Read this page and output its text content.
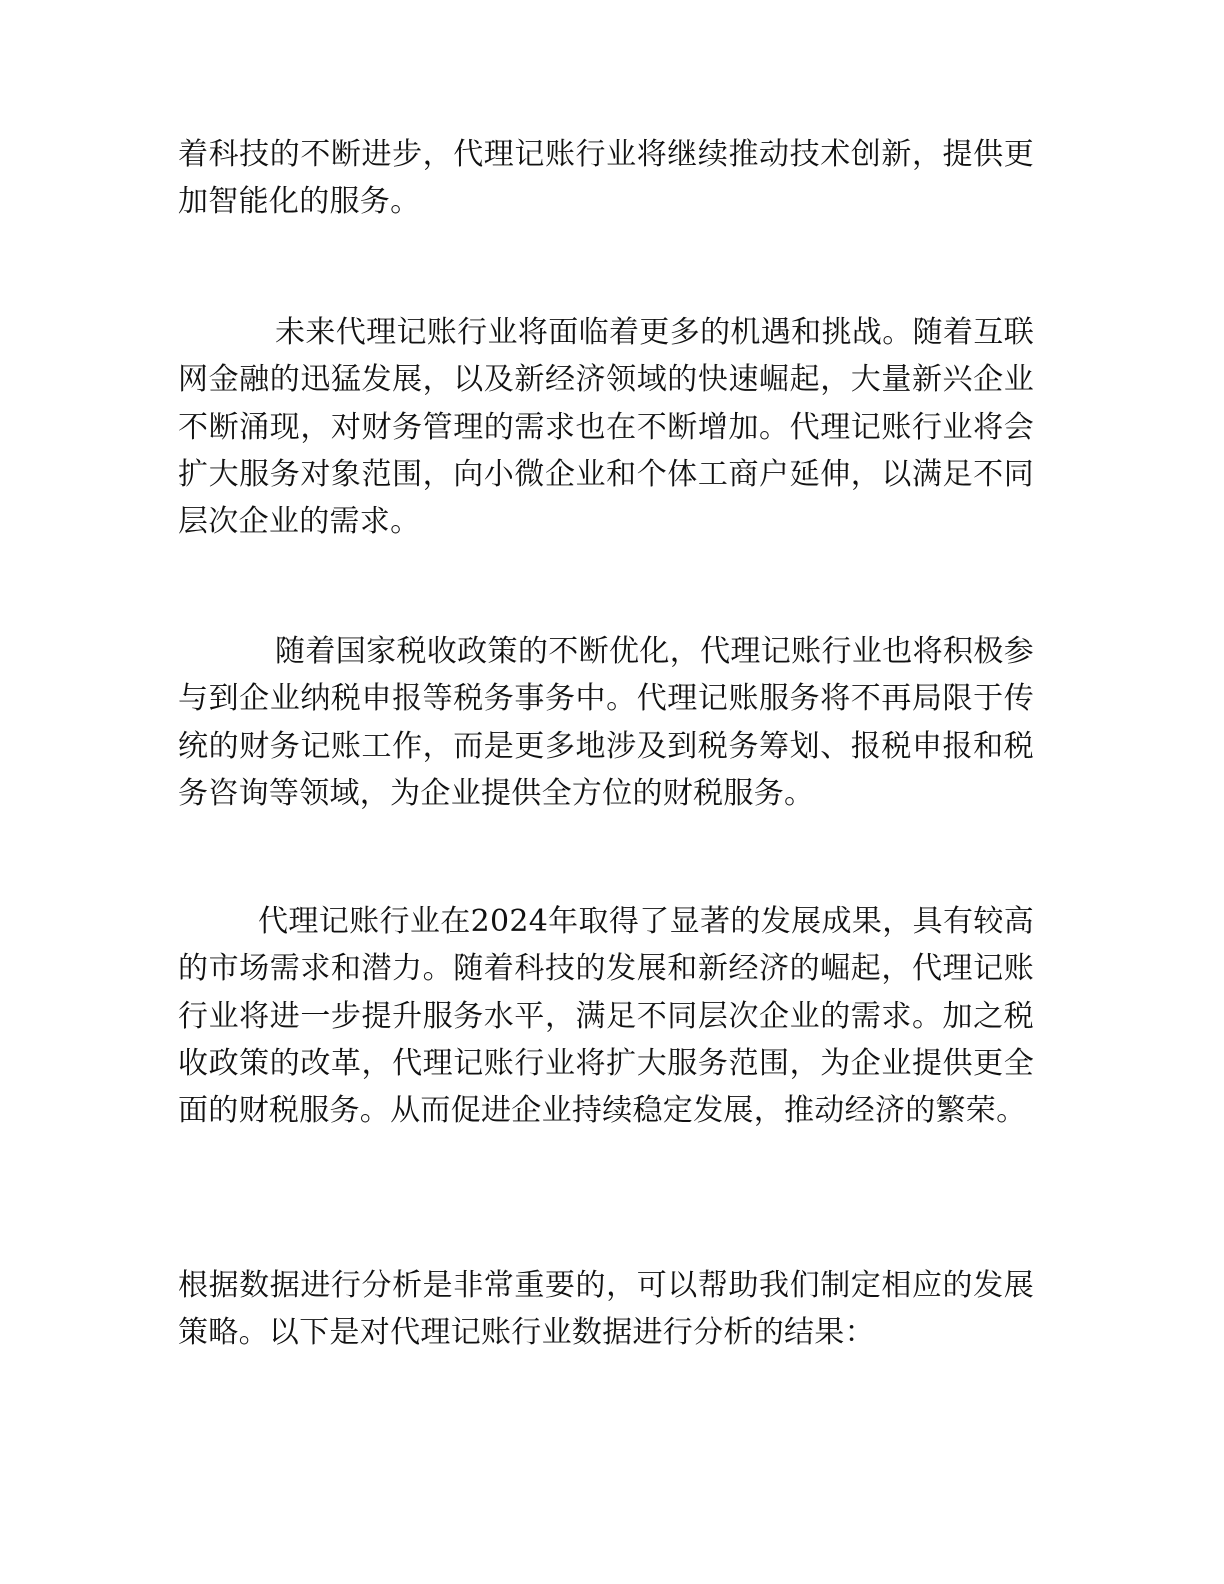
着科技的不断进步，代理记账行业将继续推动技术创新，提供更加智能化的服务。

未来代理记账行业将面临着更多的机遇和挑战。随着互联网金融的迅猛发展，以及新经济领域的快速崛起，大量新兴企业不断涌现，对财务管理的需求也在不断增加。代理记账行业将会扩大服务对象范围，向小微企业和个体工商户延伸，以满足不同层次企业的需求。

随着国家税收政策的不断优化，代理记账行业也将积极参与到企业纳税申报等税务事务中。代理记账服务将不再局限于传统的财务记账工作，而是更多地涉及到税务筹划、报税申报和税务咨询等领域，为企业提供全方位的财税服务。

代理记账行业在2024年取得了显著的发展成果，具有较高的市场需求和潜力。随着科技的发展和新经济的崛起，代理记账行业将进一步提升服务水平，满足不同层次企业的需求。加之税收政策的改革，代理记账行业将扩大服务范围，为企业提供更全面的财税服务。从而促进企业持续稳定发展，推动经济的繁荣。

根据数据进行分析是非常重要的，可以帮助我们制定相应的发展策略。以下是对代理记账行业数据进行分析的结果：
